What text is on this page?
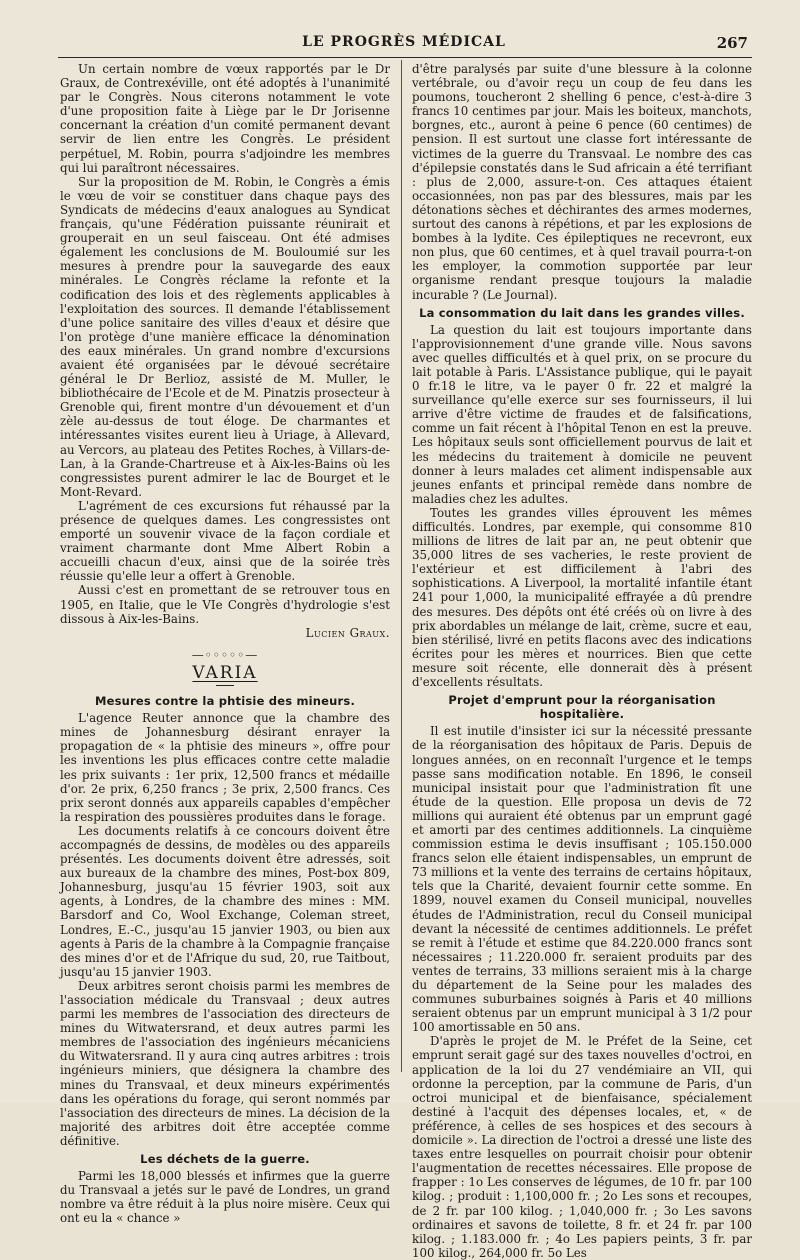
LE PROGRÈS MÉDICAL	267

Un certain nombre de vœux rapportés par le Dr Graux, de Contrexéville, ont été adoptés à l'unanimité par le Congrès. Nous citerons notamment le vote d'une proposition faite à Liège par le Dr Jorisenne concernant la création d'un comité permanent devant servir de lien entre les Congrès. Le président perpétuel, M. Robin, pourra s'adjoindre les membres qui lui paraîtront nécessaires.

Sur la proposition de M. Robin, le Congrès a émis le vœu de voir se constituer dans chaque pays des Syndicats de médecins d'eaux analogues au Syndicat français, qu'une Fédération puissante réunirait et grouperait en un seul faisceau. Ont été admises également les conclusions de M. Bouloumié sur les mesures à prendre pour la sauvegarde des eaux minérales. Le Congrès réclame la refonte et la codification des lois et des règlements applicables à l'exploitation des sources. Il demande l'établissement d'une police sanitaire des villes d'eaux et désire que l'on protège d'une manière efficace la dénomination des eaux minérales. Un grand nombre d'excursions avaient été organisées par le dévoué secrétaire général le Dr Berlioz, assisté de M. Muller, le bibliothécaire de l'Ecole et de M. Pinatzis prosecteur à Grenoble qui, firent montre d'un dévouement et d'un zèle au-dessus de tout éloge. De charmantes et intéressantes visites eurent lieu à Uriage, à Allevard, au Vercors, au plateau des Petites Roches, à Villars-de-Lan, à la Grande-Chartreuse et à Aix-les-Bains où les congressistes purent admirer le lac de Bourget et le Mont-Revard.

L'agrément de ces excursions fut réhaussé par la présence de quelques dames. Les congressistes ont emporté un souvenir vivace de la façon cordiale et vraiment charmante dont Mme Albert Robin a accueilli chacun d'eux, ainsi que de la soirée très réussie qu'elle leur a offert à Grenoble.

Aussi c'est en promettant de se retrouver tous en 1905, en Italie, que le VIe Congrès d'hydrologie s'est dissous à Aix-les-Bains.

Lucien Graux.
—◦◦◦◦◦—
VARIA
Mesures contre la phtisie des mineurs.

L'agence Reuter annonce que la chambre des mines de Johannesburg désirant enrayer la propagation de « la phtisie des mineurs », offre pour les inventions les plus efficaces contre cette maladie les prix suivants : 1er prix, 12,500 francs et médaille d'or. 2e prix, 6,250 francs ; 3e prix, 2,500 francs. Ces prix seront donnés aux appareils capables d'empêcher la respiration des poussières produites dans le forage.

Les documents relatifs à ce concours doivent être accompagnés de dessins, de modèles ou des appareils présentés. Les documents doivent être adressés, soit aux bureaux de la chambre des mines, Post-box 809, Johannesburg, jusqu'au 15 février 1903, soit aux agents, à Londres, de la chambre des mines : MM. Barsdorf and Co, Wool Exchange, Coleman street, Londres, E.-C., jusqu'au 15 janvier 1903, ou bien aux agents à Paris de la chambre à la Compagnie française des mines d'or et de l'Afrique du sud, 20, rue Taitbout, jusqu'au 15 janvier 1903.

Deux arbitres seront choisis parmi les membres de l'association médicale du Transvaal ; deux autres parmi les membres de l'association des directeurs de mines du Witwatersrand, et deux autres parmi les membres de l'association des ingénieurs mécaniciens du Witwatersrand. Il y aura cinq autres arbitres : trois ingénieurs miniers, que désignera la chambre des mines du Transvaal, et deux mineurs expérimentés dans les opérations du forage, qui seront nommés par l'association des directeurs de mines. La décision de la majorité des arbitres doit être acceptée comme définitive.

Les déchets de la guerre.

Parmi les 18,000 blessés et infirmes que la guerre du Transvaal a jetés sur le pavé de Londres, un grand nombre va être réduit à la plus noire misère. Ceux qui ont eu la « chance »

d'être paralysés par suite d'une blessure à la colonne vertébrale, ou d'avoir reçu un coup de feu dans les poumons, toucheront 2 shelling 6 pence, c'est-à-dire 3 francs 10 centimes par jour. Mais les boiteux, manchots, borgnes, etc., auront à peine 6 pence (60 centimes) de pension. Il est surtout une classe fort intéressante de victimes de la guerre du Transvaal. Le nombre des cas d'épilepsie constatés dans le Sud africain a été terrifiant : plus de 2,000, assure-t-on. Ces attaques étaient occasionnées, non pas par des blessures, mais par les détonations sèches et déchirantes des armes modernes, surtout des canons à répétions, et par les explosions de bombes à la lydite. Ces épileptiques ne recevront, eux non plus, que 60 centimes, et à quel travail pourra-t-on les employer, la commotion supportée par leur organisme rendant presque toujours la maladie incurable ? (Le Journal).

La consommation du lait dans les grandes villes.

La question du lait est toujours importante dans l'approvisionnement d'une grande ville. Nous savons avec quelles difficultés et à quel prix, on se procure du lait potable à Paris. L'Assistance publique, qui le payait 0 fr.18 le litre, va le payer 0 fr. 22 et malgré la surveillance qu'elle exerce sur ses fournisseurs, il lui arrive d'être victime de fraudes et de falsifications, comme un fait récent à l'hôpital Tenon en est la preuve. Les hôpitaux seuls sont officiellement pourvus de lait et les médecins du traitement à domicile ne peuvent donner à leurs malades cet aliment indispensable aux jeunes enfants et principal remède dans nombre de maladies chez les adultes.

Toutes les grandes villes éprouvent les mêmes difficultés. Londres, par exemple, qui consomme 810 millions de litres de lait par an, ne peut obtenir que 35,000 litres de ses vacheries, le reste provient de l'extérieur et est difficilement à l'abri des sophistications. A Liverpool, la mortalité infantile étant 241 pour 1,000, la municipalité effrayée a dû prendre des mesures. Des dépôts ont été créés où on livre à des prix abordables un mélange de lait, crème, sucre et eau, bien stérilisé, livré en petits flacons avec des indications écrites pour les mères et nourrices. Bien que cette mesure soit récente, elle donnerait dès à présent d'excellents résultats.

Projet d'emprunt pour la réorganisation hospitalière.

Il est inutile d'insister ici sur la nécessité pressante de la réorganisation des hôpitaux de Paris. Depuis de longues années, on en reconnaît l'urgence et le temps passe sans modification notable. En 1896, le conseil municipal insistait pour que l'administration fît une étude de la question. Elle proposa un devis de 72 millions qui auraient été obtenus par un emprunt gagé et amorti par des centimes additionnels. La cinquième commission estima le devis insuffisant ; 105.150.000 francs selon elle étaient indispensables, un emprunt de 73 millions et la vente des terrains de certains hôpitaux, tels que la Charité, devaient fournir cette somme. En 1899, nouvel examen du Conseil municipal, nouvelles études de l'Administration, recul du Conseil municipal devant la nécessité de centimes additionnels. Le préfet se remit à l'étude et estime que 84.220.000 francs sont nécessaires ; 11.220.000 fr. seraient produits par des ventes de terrains, 33 millions seraient mis à la charge du département de la Seine pour les malades des communes suburbaines soignés à Paris et 40 millions seraient obtenus par un emprunt municipal à 3 1/2 pour 100 amortissable en 50 ans.

D'après le projet de M. le Préfet de la Seine, cet emprunt serait gagé sur des taxes nouvelles d'octroi, en application de la loi du 27 vendémiaire an VII, qui ordonne la perception, par la commune de Paris, d'un octroi municipal et de bienfaisance, spécialement destiné à l'acquit des dépenses locales, et, « de préférence, à celles de ses hospices et des secours à domicile ». La direction de l'octroi a dressé une liste des taxes entre lesquelles on pourrait choisir pour obtenir l'augmentation de recettes nécessaires. Elle propose de frapper : 1o Les conserves de légumes, de 10 fr. par 100 kilog. ; produit : 1,100,000 fr. ; 2o Les sons et recoupes, de 2 fr. par 100 kilog. ; 1,040,000 fr. ; 3o Les savons ordinaires et savons de toilette, 8 fr. et 24 fr. par 100 kilog. ; 1.183.000 fr. ; 4o Les papiers peints, 3 fr. par 100 kilog., 264,000 fr. 5o Les
